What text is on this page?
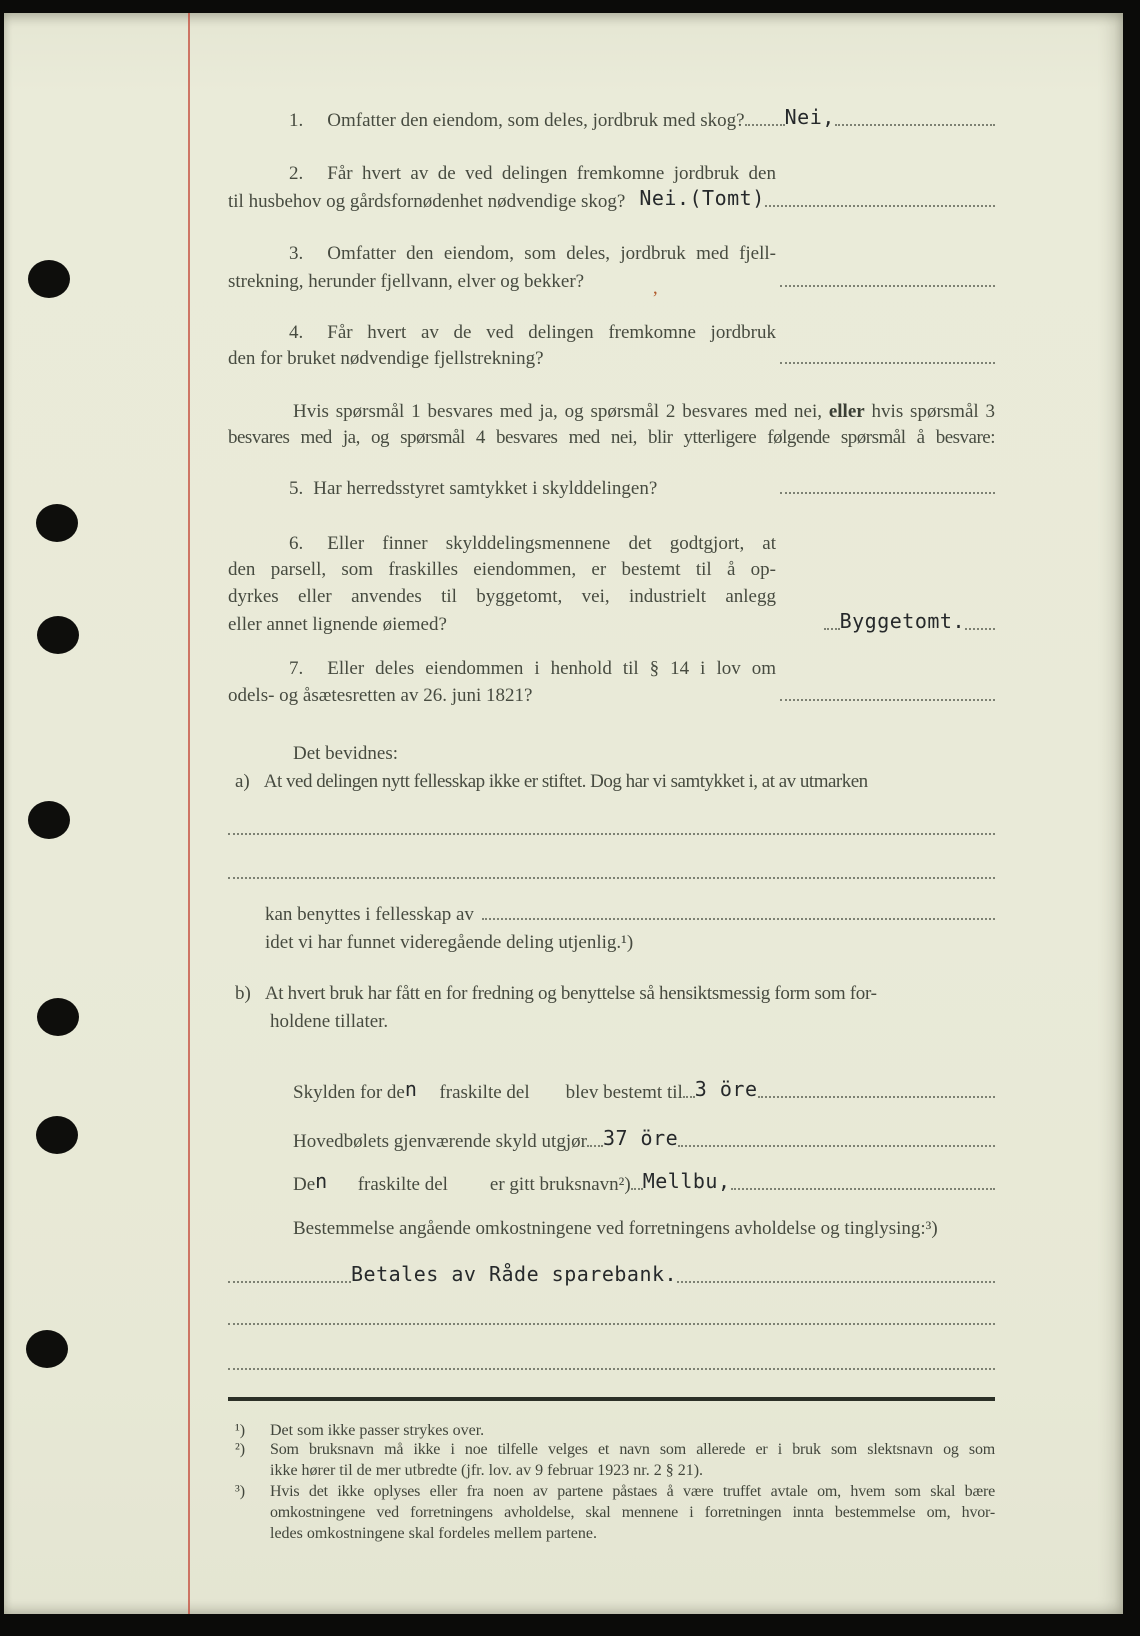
1. Omfatter den eiendom, som deles, jordbruk med skog? Nei,
2. Får hvert av de ved delingen fremkomne jordbruk den
til husbehov og gårdsfornødenhet nødvendige skog? Nei.(Tomt)
3. Omfatter den eiendom, som deles, jordbruk med fjell-
strekning, herunder fjellvann, elver og bekker?
’
4. Får hvert av de ved delingen fremkomne jordbruk
den for bruket nødvendige fjellstrekning?
Hvis spørsmål 1 besvares med ja, og spørsmål 2 besvares med nei, eller hvis spørsmål 3
besvares med ja, og spørsmål 4 besvares med nei, blir ytterligere følgende spørsmål å besvare:
5. Har herredsstyret samtykket i skylddelingen?
6. Eller finner skylddelingsmennene det godtgjort, at
den parsell, som fraskilles eiendommen, er bestemt til å op-
dyrkes eller anvendes til byggetomt, vei, industrielt anlegg
eller annet lignende øiemed?	Byggetomt.
7. Eller deles eiendommen i henhold til § 14 i lov om
odels- og åsætesretten av 26. juni 1821?
Det bevidnes:
a) At ved delingen nytt fellesskap ikke er stiftet. Dog har vi samtykket i, at av utmarken
kan benyttes i fellesskap av
idet vi har funnet videregående deling utjenlig.¹)
b) At hvert bruk har fått en for fredning og benyttelse så hensiktsmessig form som for-
holdene tillater.
Skylden for de n fraskilte del blev bestemt til 3 öre
Hovedbølets gjenværende skyld utgjør 37 öre
De n fraskilte del er gitt bruksnavn²) Mellbu,
Bestemmelse angående omkostningene ved forretningens avholdelse og tinglysing:³)
Betales av Råde sparebank.
¹) Det som ikke passer strykes over.
²) Som bruksnavn må ikke i noe tilfelle velges et navn som allerede er i bruk som slektsnavn og som
ikke hører til de mer utbredte (jfr. lov. av 9 februar 1923 nr. 2 § 21).
³) Hvis det ikke oplyses eller fra noen av partene påstaes å være truffet avtale om, hvem som skal bære
omkostningene ved forretningens avholdelse, skal mennene i forretningen innta bestemmelse om, hvor-
ledes omkostningene skal fordeles mellem partene.
